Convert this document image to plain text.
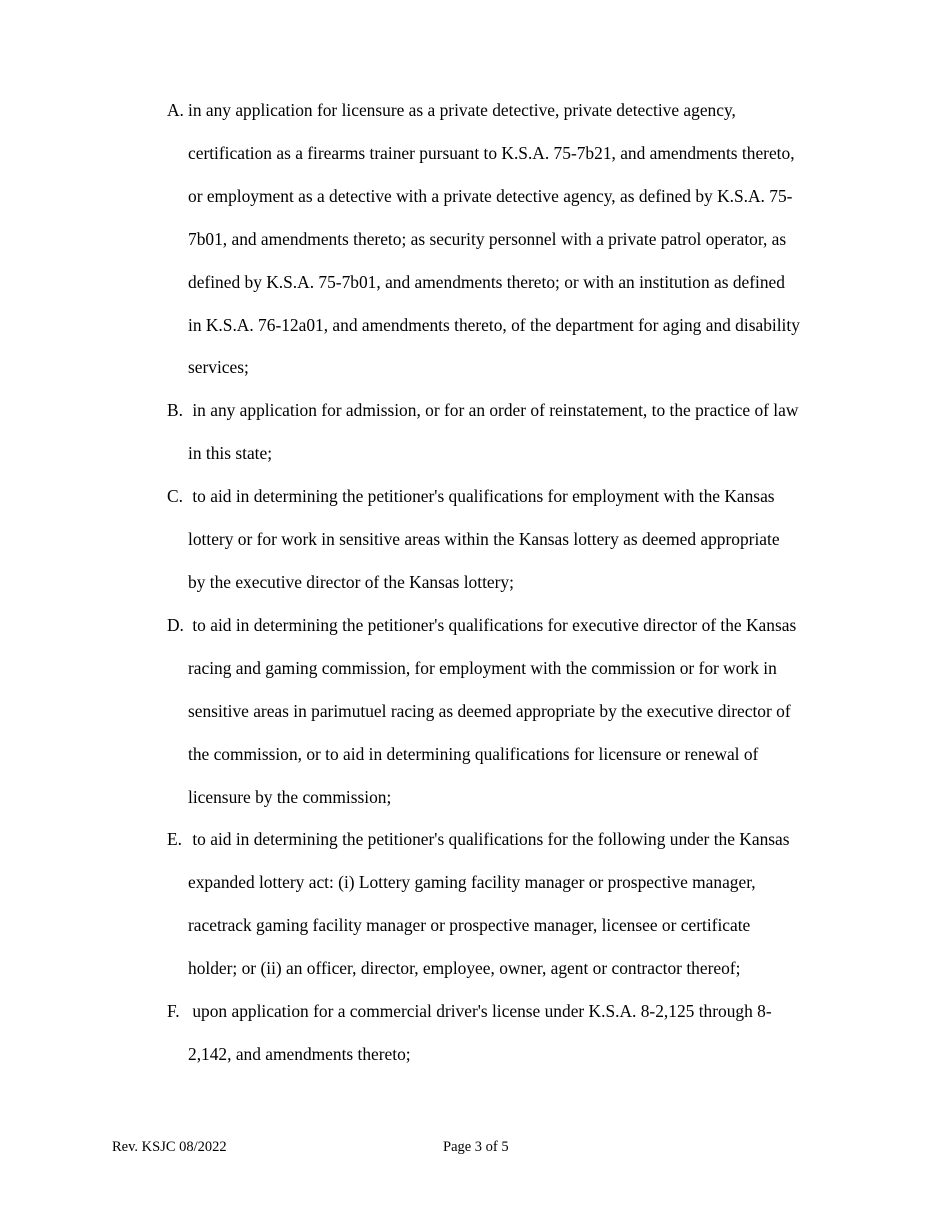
A. in any application for licensure as a private detective, private detective agency,
certification as a firearms trainer pursuant to K.S.A. 75-7b21, and amendments thereto,
or employment as a detective with a private detective agency, as defined by K.S.A. 75-
7b01, and amendments thereto; as security personnel with a private patrol operator, as
defined by K.S.A. 75-7b01, and amendments thereto; or with an institution as defined
in K.S.A. 76-12a01, and amendments thereto, of the department for aging and disability
services;
B. in any application for admission, or for an order of reinstatement, to the practice of law
in this state;
C. to aid in determining the petitioner's qualifications for employment with the Kansas
lottery or for work in sensitive areas within the Kansas lottery as deemed appropriate
by the executive director of the Kansas lottery;
D. to aid in determining the petitioner's qualifications for executive director of the Kansas
racing and gaming commission, for employment with the commission or for work in
sensitive areas in parimutuel racing as deemed appropriate by the executive director of
the commission, or to aid in determining qualifications for licensure or renewal of
licensure by the commission;
E. to aid in determining the petitioner's qualifications for the following under the Kansas
expanded lottery act: (i) Lottery gaming facility manager or prospective manager,
racetrack gaming facility manager or prospective manager, licensee or certificate
holder; or (ii) an officer, director, employee, owner, agent or contractor thereof;
F. upon application for a commercial driver's license under K.S.A. 8-2,125 through 8-
2,142, and amendments thereto;
Rev. KSJC 08/2022	Page 3 of 5
